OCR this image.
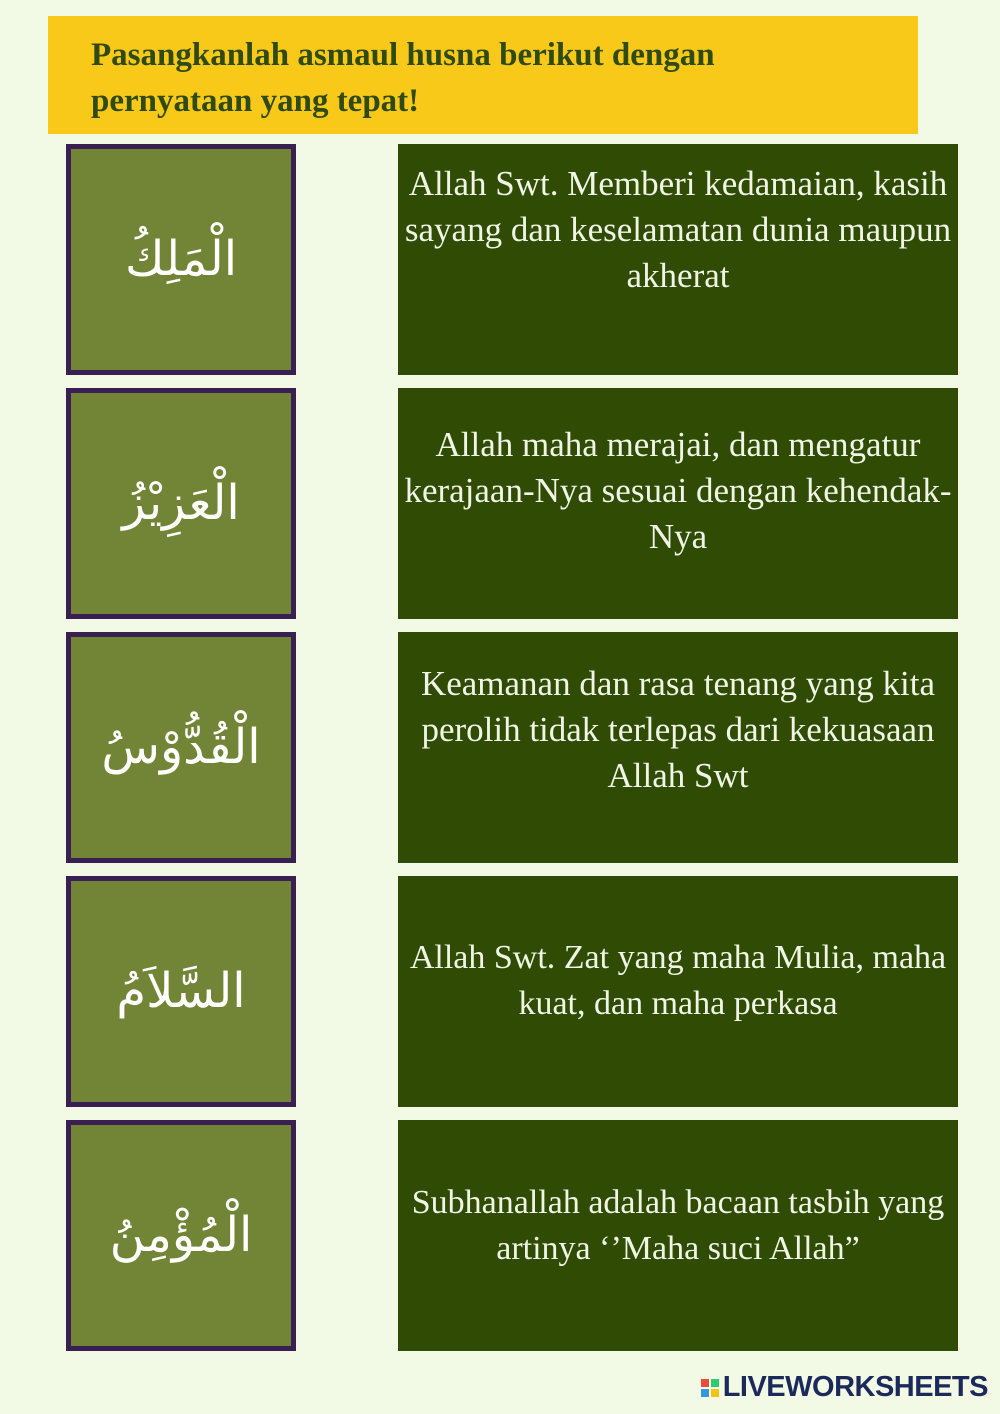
Pasangkanlah asmaul husna berikut dengan pernyataan yang tepat!
الْمَلِكُ
الْعَزِيْزُ
الْقُدُّوْسُ
السَّلاَمُ
الْمُؤْمِنُ
Allah Swt. Memberi kedamaian, kasih sayang dan keselamatan dunia maupun akherat
Allah maha merajai, dan mengatur kerajaan-Nya sesuai dengan kehendak-Nya
Keamanan dan rasa tenang yang kita perolih tidak terlepas dari kekuasaan Allah Swt
Allah Swt. Zat yang maha Mulia, maha kuat, dan maha perkasa
Subhanallah adalah bacaan tasbih yang artinya ‘’Maha suci Allah”
LIVEWORKSHEETS
